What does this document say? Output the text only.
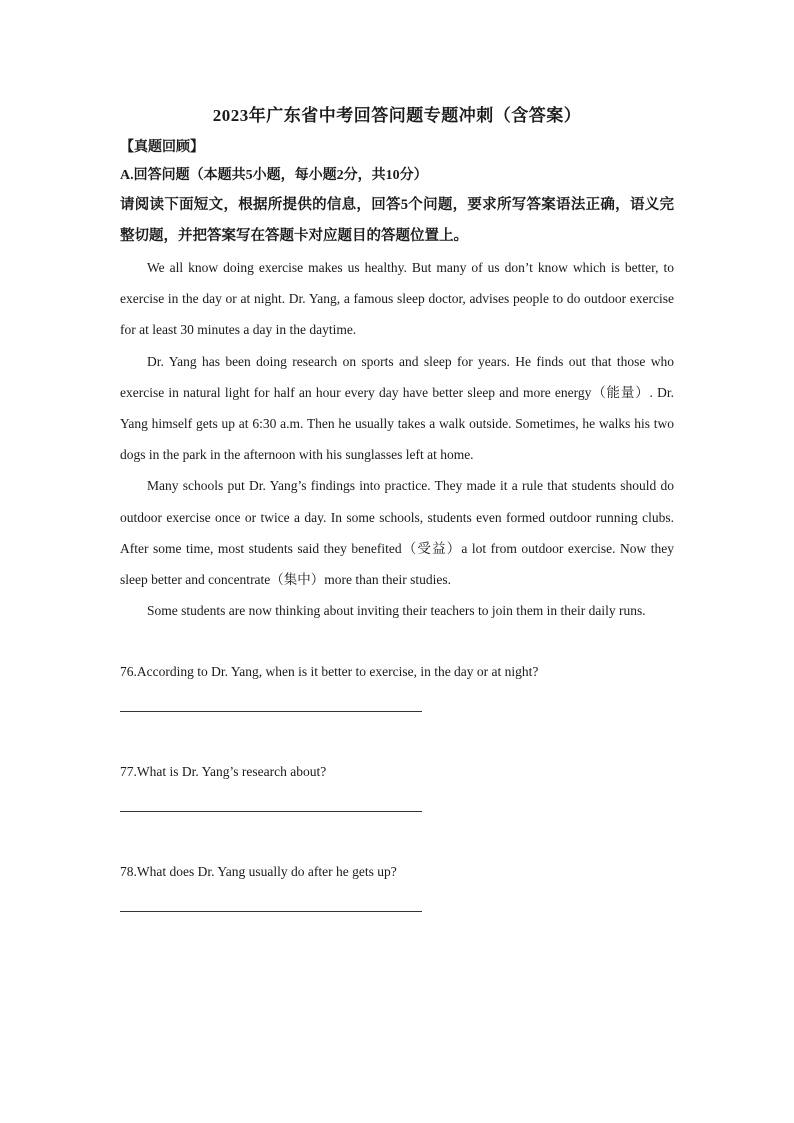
2023年广东省中考回答问题专题冲刺（含答案）

【真题回顾】

A.回答问题（本题共5小题，每小题2分，共10分）

请阅读下面短文，根据所提供的信息，回答5个问题，要求所写答案语法正确，语义完整切题，并把答案写在答题卡对应题目的答题位置上。

We all know doing exercise makes us healthy. But many of us don’t know which is better, to exercise in the day or at night. Dr. Yang, a famous sleep doctor, advises people to do outdoor exercise for at least 30 minutes a day in the daytime.

Dr. Yang has been doing research on sports and sleep for years. He finds out that those who exercise in natural light for half an hour every day have better sleep and more energy（能量）. Dr. Yang himself gets up at 6:30 a.m. Then he usually takes a walk outside. Sometimes, he walks his two dogs in the park in the afternoon with his sunglasses left at home.

Many schools put Dr. Yang’s findings into practice. They made it a rule that students should do outdoor exercise once or twice a day. In some schools, students even formed outdoor running clubs. After some time, most students said they benefited（受益）a lot from outdoor exercise. Now they sleep better and concentrate（集中）more than their studies.

Some students are now thinking about inviting their teachers to join them in their daily runs.

76.According to Dr. Yang, when is it better to exercise, in the day or at night?

77.What is Dr. Yang’s research about?

78.What does Dr. Yang usually do after he gets up?
